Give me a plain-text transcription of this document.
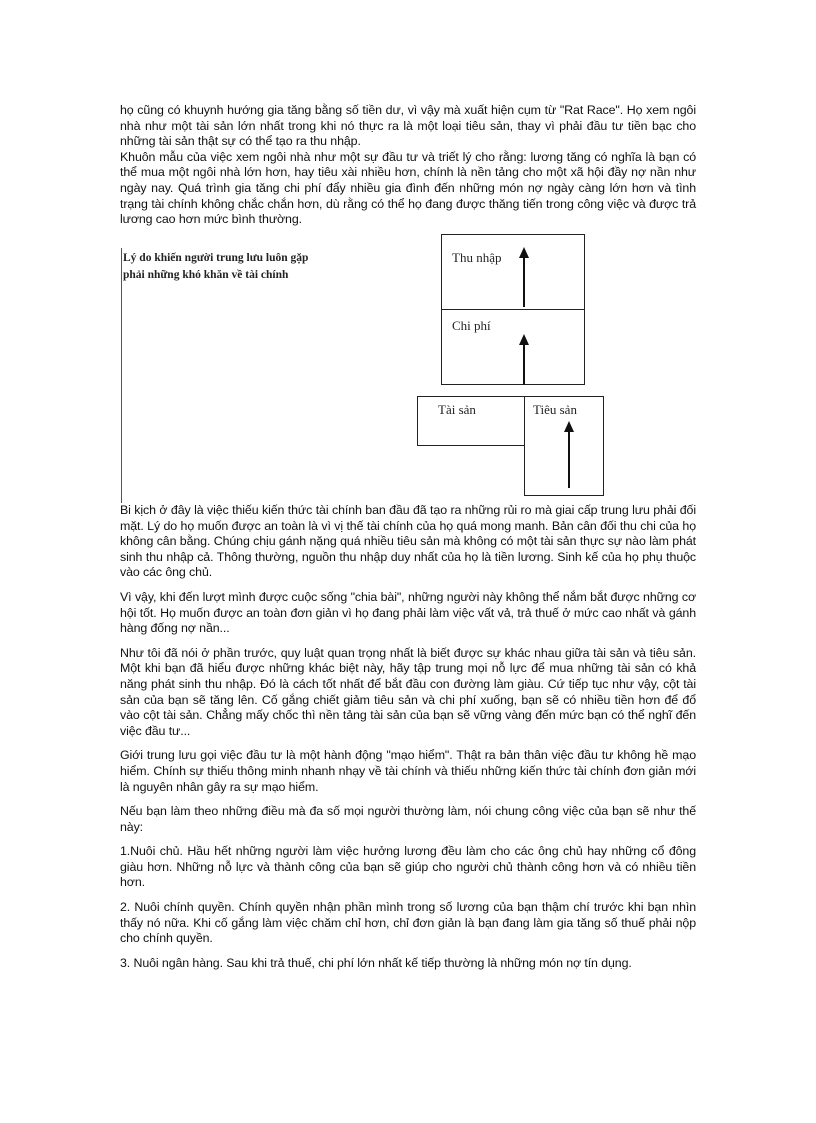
họ cũng có khuynh hướng gia tăng bằng số tiền dư, vì vậy mà xuất hiện cụm từ "Rat Race". Họ xem ngôi nhà như một tài sản lớn nhất trong khi nó thực ra là một loại tiêu sản, thay vì phải đầu tư tiền bạc cho những tài sản thật sự có thể tạo ra thu nhập.

Khuôn mẫu của việc xem ngôi nhà như một sự đầu tư và triết lý cho rằng: lương tăng có nghĩa là bạn có thể mua một ngôi nhà lớn hơn, hay tiêu xài nhiều hơn, chính là nền tảng cho một xã hội đầy nợ nần như ngày nay. Quá trình gia tăng chi phí đẩy nhiều gia đình đến những món nợ ngày càng lớn hơn và tình trạng tài chính không chắc chắn hơn, dù rằng có thể họ đang được thăng tiến trong công việc và được trả lương cao hơn mức bình thường.

Lý do khiến người trung lưu luôn gặp phải những khó khăn về tài chính
Thu nhập
Chi phí
Tài sản	Tiêu sản

Bi kịch ở đây là việc thiếu kiến thức tài chính ban đầu đã tạo ra những rủi ro mà giai cấp trung lưu phải đối mặt. Lý do họ muốn được an toàn là vì vị thế tài chính của họ quá mong manh. Bản cân đối thu chi của họ không cân bằng. Chúng chịu gánh nặng quá nhiều tiêu sản mà không có một tài sản thực sự nào làm phát sinh thu nhập cả. Thông thường, nguồn thu nhập duy nhất của họ là tiền lương. Sinh kế của họ phụ thuộc vào các ông chủ.

Vì vậy, khi đến lượt mình được cuộc sống "chia bài", những người này không thể nắm bắt được những cơ hội tốt. Họ muốn được an toàn đơn giản vì họ đang phải làm việc vất vả, trả thuế ở mức cao nhất và gánh hàng đống nợ nần...

Như tôi đã nói ở phần trước, quy luật quan trọng nhất là biết được sự khác nhau giữa tài sản và tiêu sản. Một khi bạn đã hiểu được những khác biệt này, hãy tập trung mọi nỗ lực để mua những tài sản có khả năng phát sinh thu nhập. Đó là cách tốt nhất để bắt đầu con đường làm giàu. Cứ tiếp tục như vậy, cột tài sản của bạn sẽ tăng lên. Cố gắng chiết giảm tiêu sản và chi phí xuống, bạn sẽ có nhiều tiền hơn để đổ vào cột tài sản. Chẳng mấy chốc thì nền tảng tài sản của bạn sẽ vững vàng đến mức bạn có thể nghĩ đến việc đầu tư...

Giới trung lưu gọi việc đầu tư là một hành động "mạo hiểm". Thật ra bản thân việc đầu tư không hề mạo hiểm. Chính sự thiếu thông minh nhanh nhạy về tài chính và thiếu những kiến thức tài chính đơn giản mới là nguyên nhân gây ra sự mạo hiểm.

Nếu bạn làm theo những điều mà đa số mọi người thường làm, nói chung công việc của bạn sẽ như thế này:

1.Nuôi chủ. Hầu hết những người làm việc hưởng lương đều làm cho các ông chủ hay những cổ đông giàu hơn. Những nỗ lực và thành công của bạn sẽ giúp cho người chủ thành công hơn và có nhiều tiền hơn.

2. Nuôi chính quyền. Chính quyền nhận phần mình trong số lương của bạn thậm chí trước khi bạn nhìn thấy nó nữa. Khi cố gắng làm việc chăm chỉ hơn, chỉ đơn giản là bạn đang làm gia tăng số thuế phải nộp cho chính quyền.

3. Nuôi ngân hàng. Sau khi trả thuế, chi phí lớn nhất kế tiếp thường là những món nợ tín dụng.
